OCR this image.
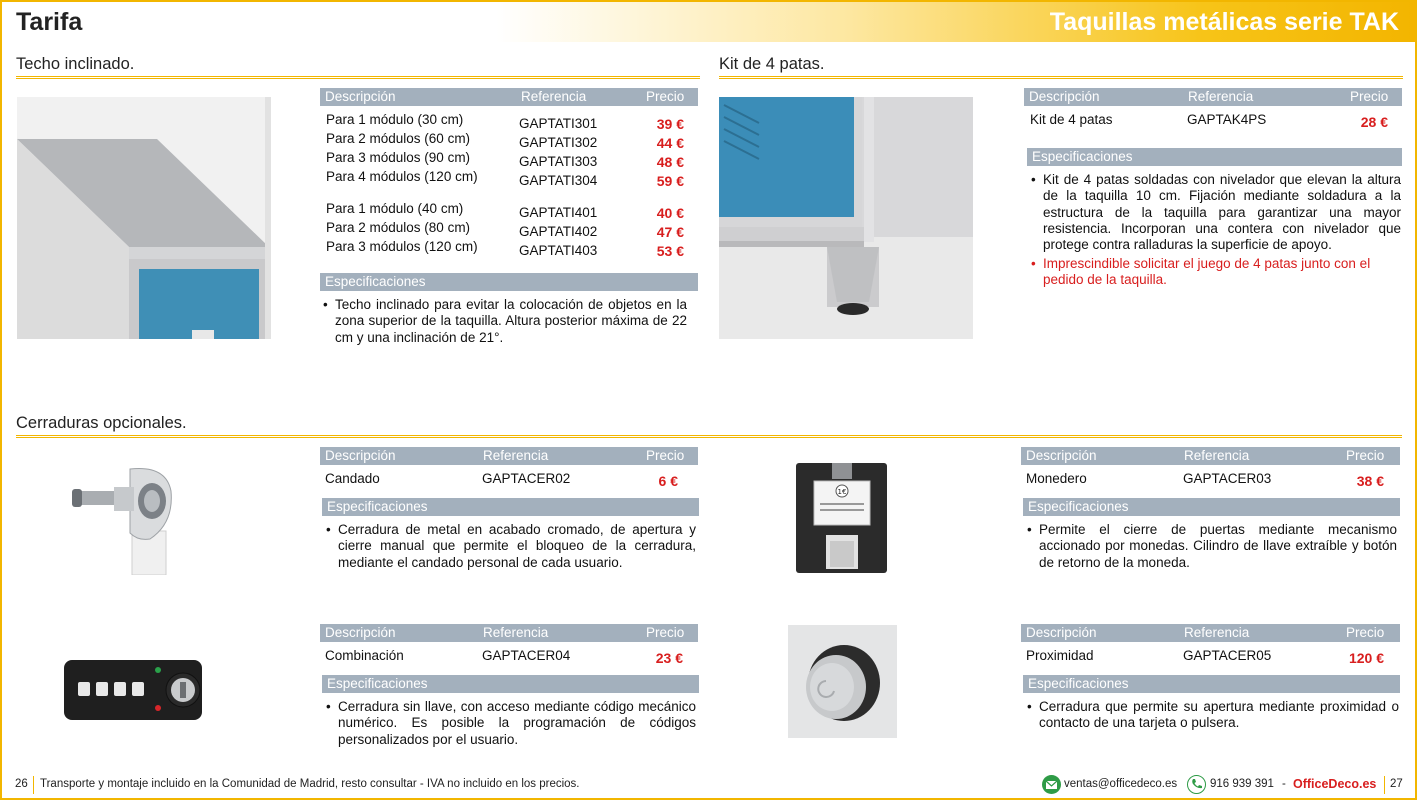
Tarifa	Taquillas metálicas serie TAK
Techo inclinado.
Descripción	Referencia	Precio
Para 1 módulo (30 cm)	GAPTATI301	39 €
Para 2 módulos (60 cm)	GAPTATI302	44 €
Para 3 módulos (90 cm)	GAPTATI303	48 €
Para 4 módulos (120 cm)	GAPTATI304	59 €
Para 1 módulo (40 cm)	GAPTATI401	40 €
Para 2 módulos (80 cm)	GAPTATI402	47 €
Para 3 módulos (120 cm)	GAPTATI403	53 €
Especificaciones
• Techo inclinado para evitar la colocación de objetos en la zona superior de la taquilla. Altura posterior máxima de 22 cm y una inclinación de 21°.
Kit de 4 patas.
Descripción	Referencia	Precio
Kit de 4 patas	GAPTAK4PS	28 €
Especificaciones
• Kit de 4 patas soldadas con nivelador que elevan la altura de la taquilla 10 cm. Fijación mediante soldadura a la estructura de la taquilla para garantizar una mayor resistencia. Incorporan una contera con nivelador que protege contra ralladuras la superficie de apoyo.
• Imprescindible solicitar el juego de 4 patas junto con el pedido de la taquilla.
Cerraduras opcionales.
Descripción	Referencia	Precio
Candado	GAPTACER02	6 €
Especificaciones
• Cerradura de metal en acabado cromado, de apertura y cierre manual que permite el bloqueo de la cerradura, mediante el candado personal de cada usuario.
1€
Descripción	Referencia	Precio
Monedero	GAPTACER03	38 €
Especificaciones
• Permite el cierre de puertas mediante mecanismo accionado por monedas. Cilindro de llave extraíble y botón de retorno de la moneda.
Descripción	Referencia	Precio
Combinación	GAPTACER04	23 €
Especificaciones
• Cerradura sin llave, con acceso mediante código mecánico numérico. Es posible la programación de códigos personalizados por el usuario.
Descripción	Referencia	Precio
Proximidad	GAPTACER05	120 €
Especificaciones
• Cerradura que permite su apertura mediante proximidad o contacto de una tarjeta o pulsera.
26 Transporte y montaje incluido en la Comunidad de Madrid, resto consultar - IVA no incluido en los precios.	ventas@officedeco.es	916 939 391 - OfficeDeco.es 27
